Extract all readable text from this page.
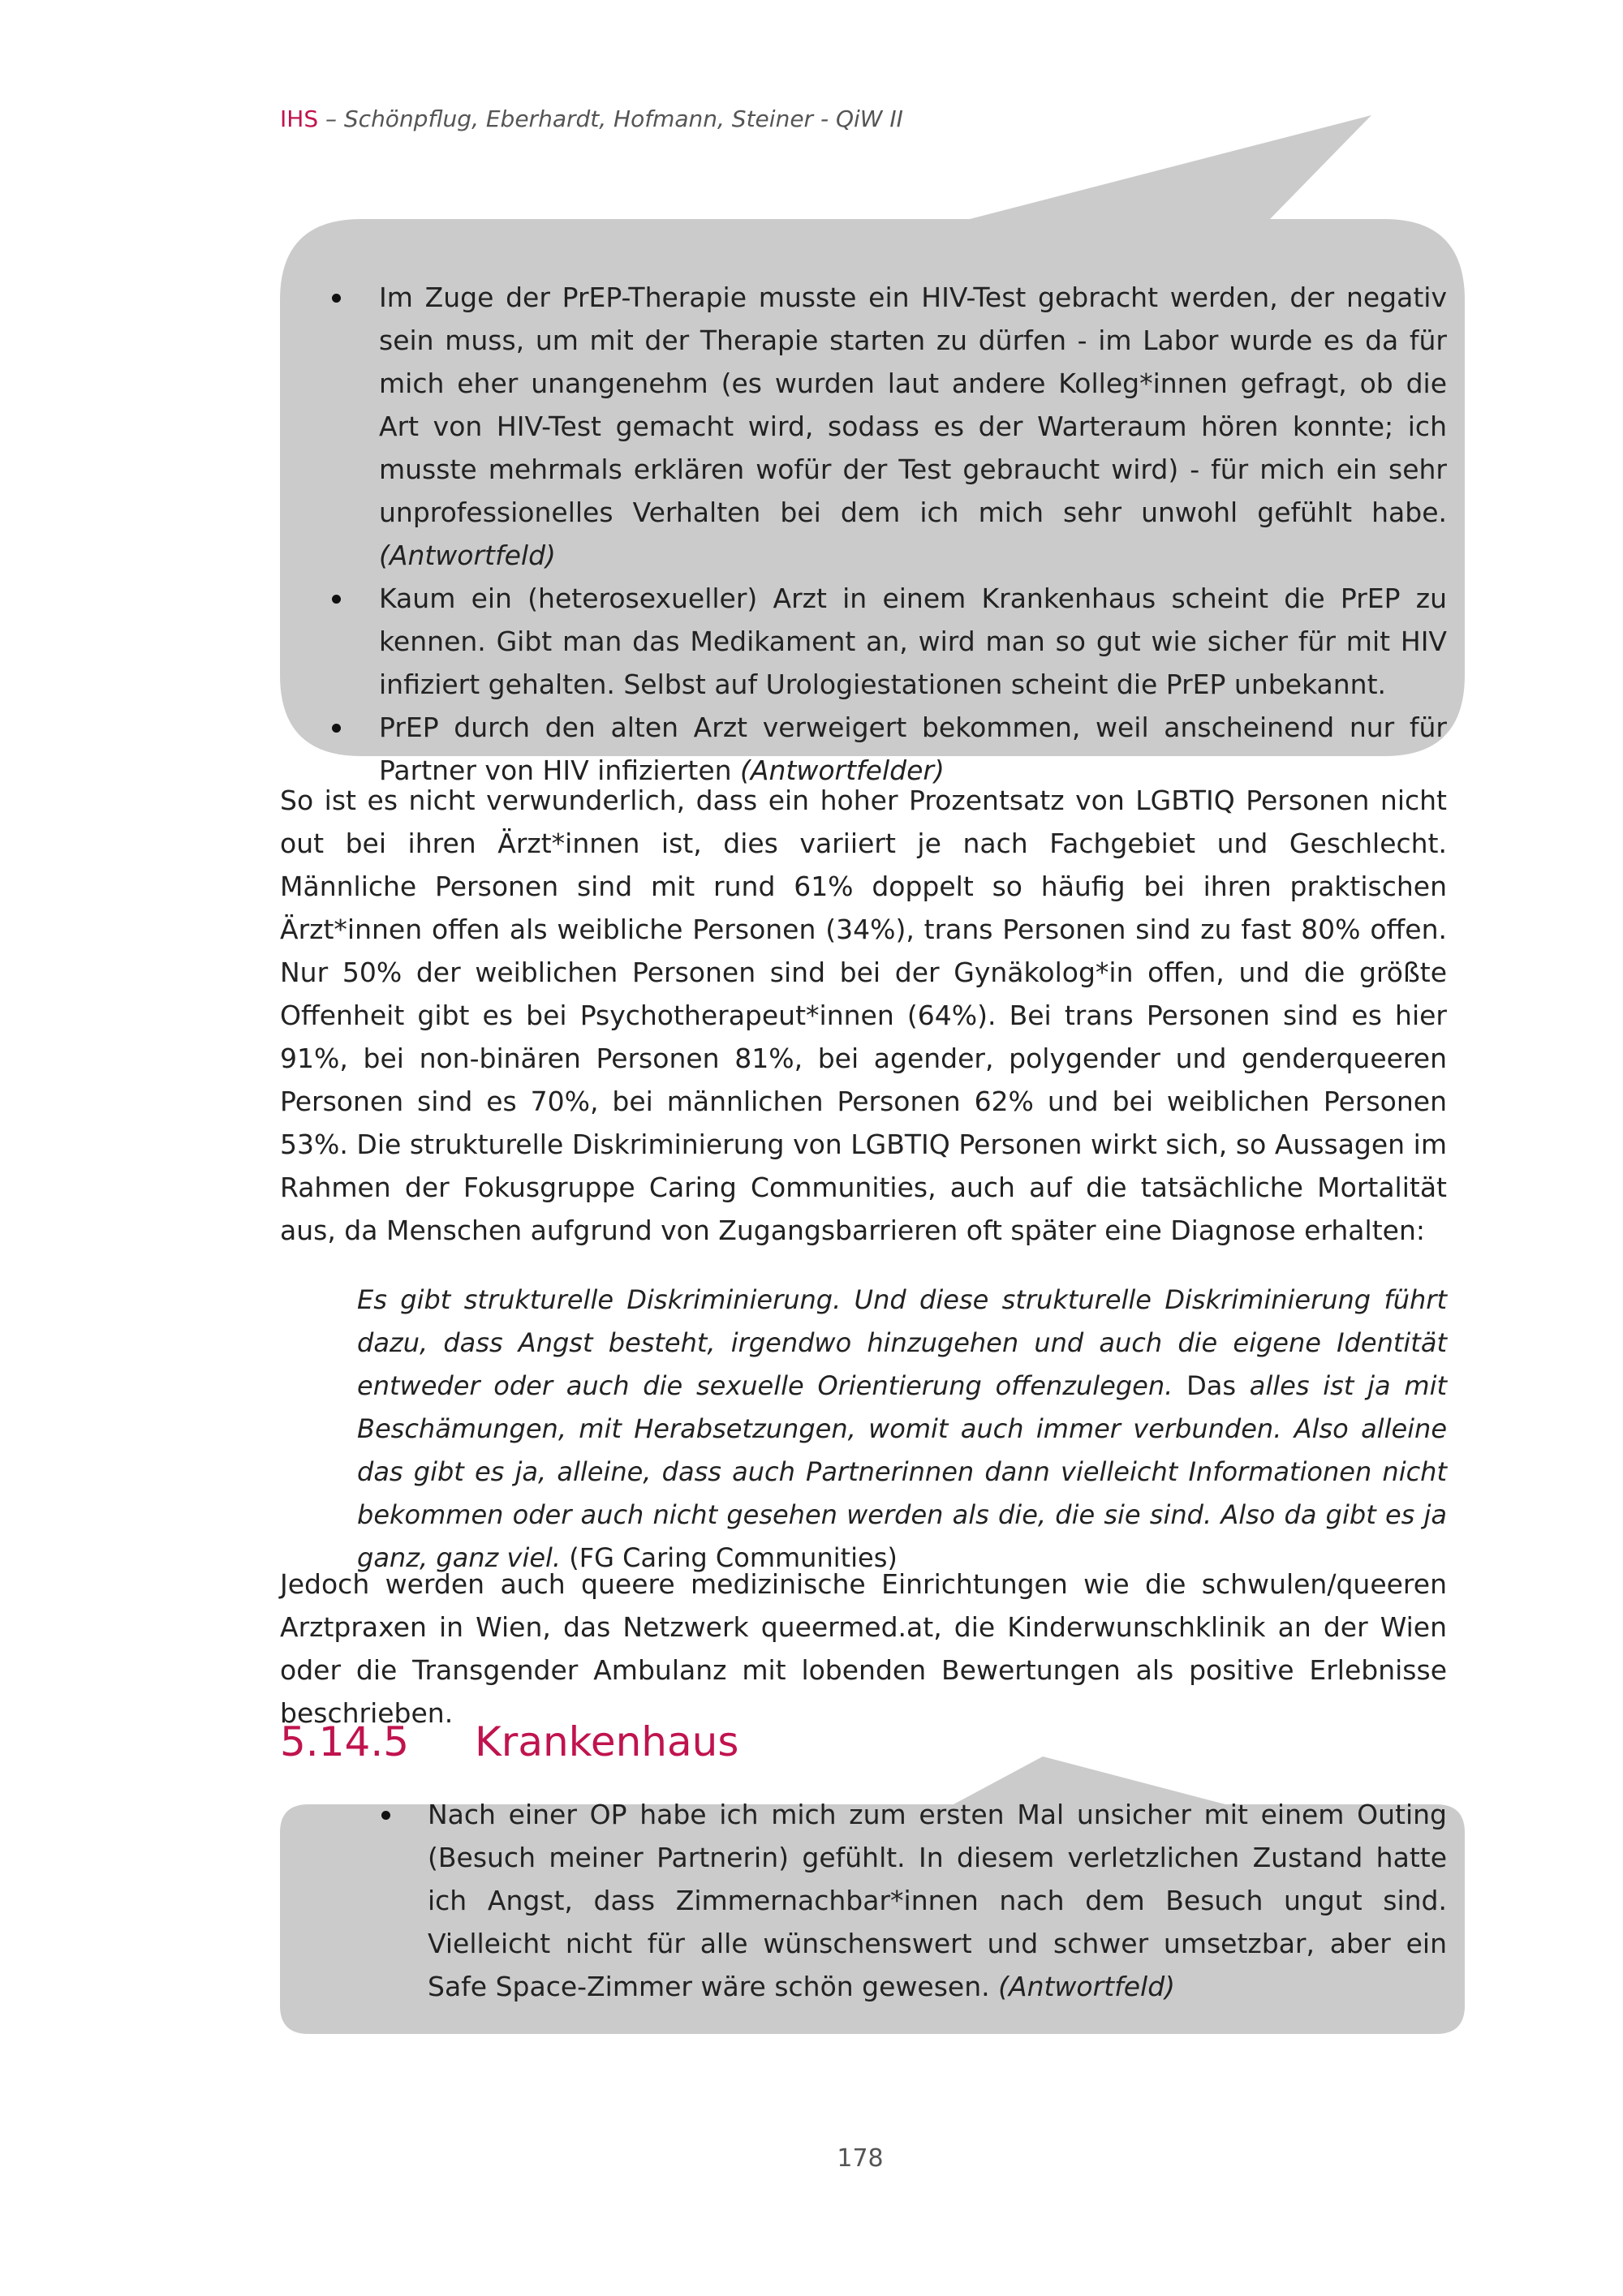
IHS – Schönpflug, Eberhardt, Hofmann, Steiner - QiW II
Im Zuge der PrEP-Therapie musste ein HIV-Test gebracht werden, der negativ sein muss, um mit der Therapie starten zu dürfen - im Labor wurde es da für mich eher unangenehm (es wurden laut andere Kolleg*innen gefragt, ob die Art von HIV-Test gemacht wird, sodass es der Warteraum hören konnte; ich musste mehrmals erklären wofür der Test gebraucht wird) - für mich ein sehr unprofessionelles Verhalten bei dem ich mich sehr unwohl gefühlt habe. (Antwortfeld)
Kaum ein (heterosexueller) Arzt in einem Krankenhaus scheint die PrEP zu kennen. Gibt man das Medikament an, wird man so gut wie sicher für mit HIV infiziert gehalten. Selbst auf Urologiestationen scheint die PrEP unbekannt.
PrEP durch den alten Arzt verweigert bekommen, weil anscheinend nur für Partner von HIV infizierten (Antwortfelder)

So ist es nicht verwunderlich, dass ein hoher Prozentsatz von LGBTIQ Personen nicht out bei ihren Ärzt*innen ist, dies variiert je nach Fachgebiet und Geschlecht. Männliche Personen sind mit rund 61% doppelt so häufig bei ihren praktischen Ärzt*innen offen als weibliche Personen (34%), trans Personen sind zu fast 80% offen. Nur 50% der weiblichen Personen sind bei der Gynäkolog*in offen, und die größte Offenheit gibt es bei Psychotherapeut*innen (64%). Bei trans Personen sind es hier 91%, bei non-binären Personen 81%, bei agender, polygender und genderqueeren Personen sind es 70%, bei männlichen Personen 62% und bei weiblichen Personen 53%. Die strukturelle Diskriminierung von LGBTIQ Personen wirkt sich, so Aussagen im Rahmen der Fokusgruppe Caring Communities, auch auf die tatsächliche Mortalität aus, da Menschen aufgrund von Zugangsbarrieren oft später eine Diagnose erhalten:

Es gibt strukturelle Diskriminierung. Und diese strukturelle Diskriminierung führt dazu, dass Angst besteht, irgendwo hinzugehen und auch die eigene Identität entweder oder auch die sexuelle Orientierung offenzulegen. Das alles ist ja mit Beschämungen, mit Herabsetzungen, womit auch immer verbunden. Also alleine das gibt es ja, alleine, dass auch Partnerinnen dann vielleicht Informationen nicht bekommen oder auch nicht gesehen werden als die, die sie sind. Also da gibt es ja ganz, ganz viel. (FG Caring Communities)

Jedoch werden auch queere medizinische Einrichtungen wie die schwulen/queeren Arztpraxen in Wien, das Netzwerk queermed.at, die Kinderwunschklinik an der Wien oder die Transgender Ambulanz mit lobenden Bewertungen als positive Erlebnisse beschrieben.

5.14.5 Krankenhaus
Nach einer OP habe ich mich zum ersten Mal unsicher mit einem Outing (Besuch meiner Partnerin) gefühlt. In diesem verletzlichen Zustand hatte ich Angst, dass Zimmernachbar*innen nach dem Besuch ungut sind. Vielleicht nicht für alle wünschenswert und schwer umsetzbar, aber ein Safe Space-Zimmer wäre schön gewesen. (Antwortfeld)
178
